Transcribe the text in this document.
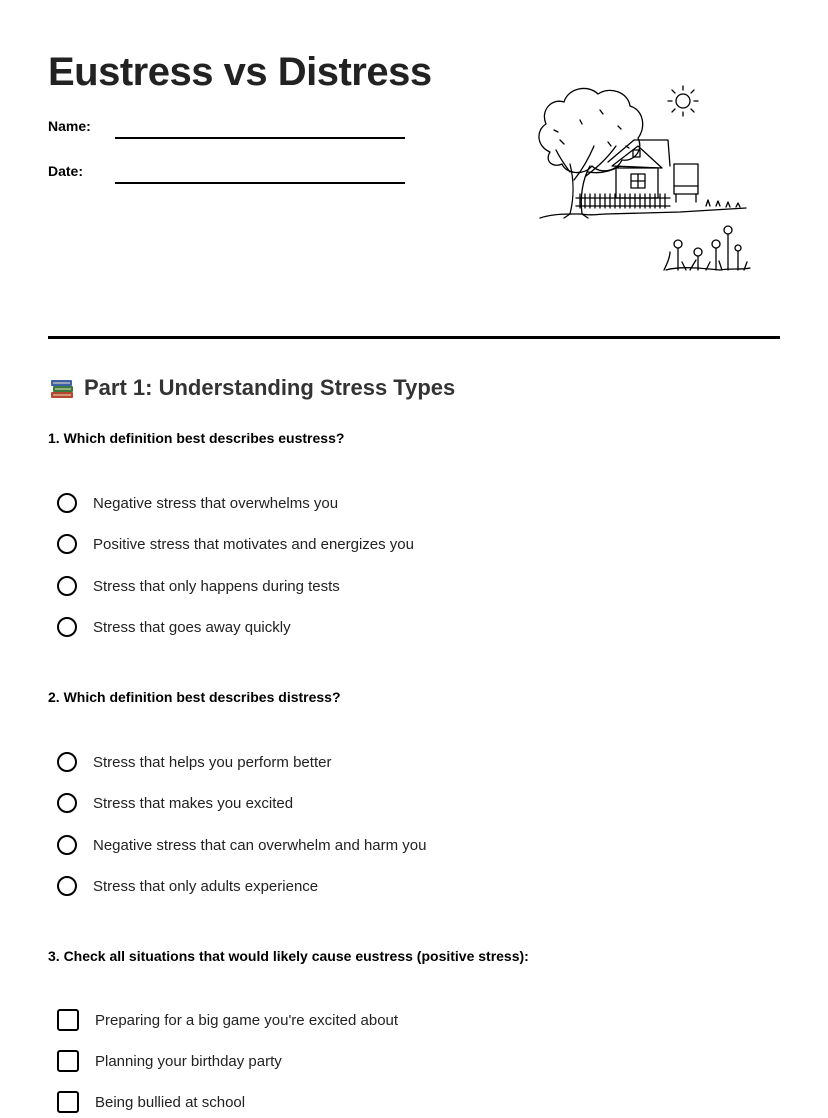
Eustress vs Distress
Name:
Date:
Part 1: Understanding Stress Types
1. Which definition best describes eustress?
Negative stress that overwhelms you
Positive stress that motivates and energizes you
Stress that only happens during tests
Stress that goes away quickly
2. Which definition best describes distress?
Stress that helps you perform better
Stress that makes you excited
Negative stress that can overwhelm and harm you
Stress that only adults experience
3. Check all situations that would likely cause eustress (positive stress):
Preparing for a big game you're excited about
Planning your birthday party
Being bullied at school
